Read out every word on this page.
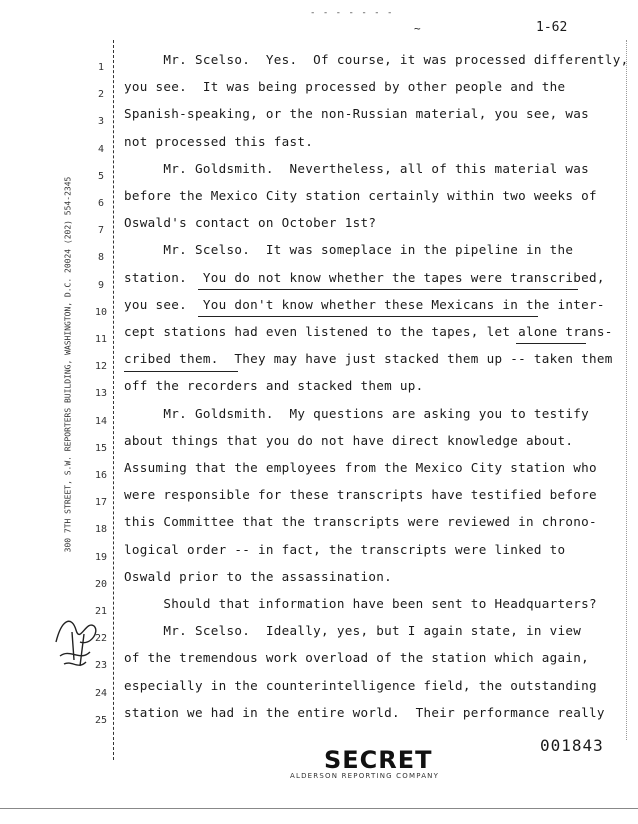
- - - - - - -
~	1-62
300 7TH STREET, S.W. REPORTERS BUILDING, WASHINGTON, D.C. 20024 (202) 554-2345
1
Mr. Scelso.  Yes.  Of course, it was processed differently,
2
you see.  It was being processed by other people and the
3
Spanish-speaking, or the non-Russian material, you see, was
4
not processed this fast.
5
Mr. Goldsmith.  Nevertheless, all of this material was
6
before the Mexico City station certainly within two weeks of
7
Oswald's contact on October 1st?
8
Mr. Scelso.  It was someplace in the pipeline in the
9
station.  You do not know whether the tapes were transcribed,
10
you see.  You don't know whether these Mexicans in the inter-
11
cept stations had even listened to the tapes, let alone trans-
12
cribed them.  They may have just stacked them up -- taken them
13
off the recorders and stacked them up.
14
Mr. Goldsmith.  My questions are asking you to testify
15
about things that you do not have direct knowledge about.
16
Assuming that the employees from the Mexico City station who
17
were responsible for these transcripts have testified before
18
this Committee that the transcripts were reviewed in chrono-
19
logical order -- in fact, the transcripts were linked to
20
Oswald prior to the assassination.
21
Should that information have been sent to Headquarters?
22
Mr. Scelso.  Ideally, yes, but I again state, in view
23
of the tremendous work overload of the station which again,
24
especially in the counterintelligence field, the outstanding
25
station we had in the entire world.  Their performance really
001843
SECRET
ALDERSON REPORTING COMPANY
